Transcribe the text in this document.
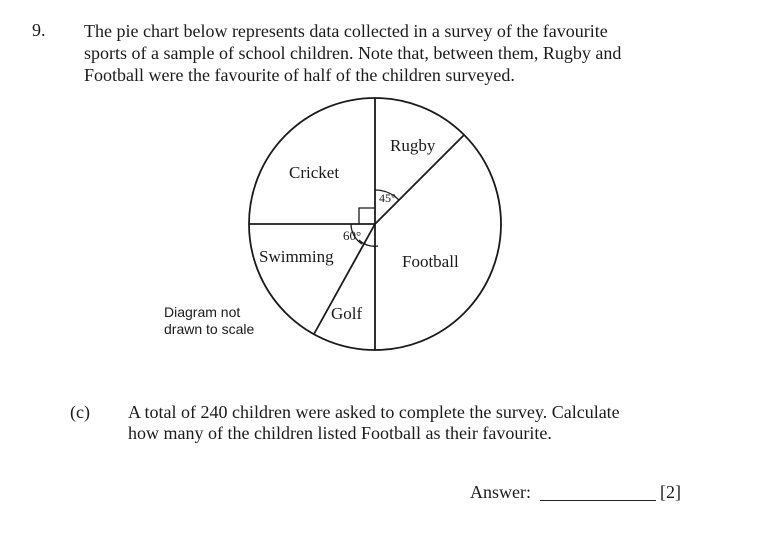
9. The pie chart below represents data collected in a survey of the favourite
sports of a sample of school children. Note that, between them, Rugby and
Football were the favourite of half of the children surveyed.
Rugby
Football
Golf
Swimming
Cricket
45°
60°
Diagram not
drawn to scale
(c) A total of 240 children were asked to complete the survey. Calculate
how many of the children listed Football as their favourite.
Answer:	[2]
